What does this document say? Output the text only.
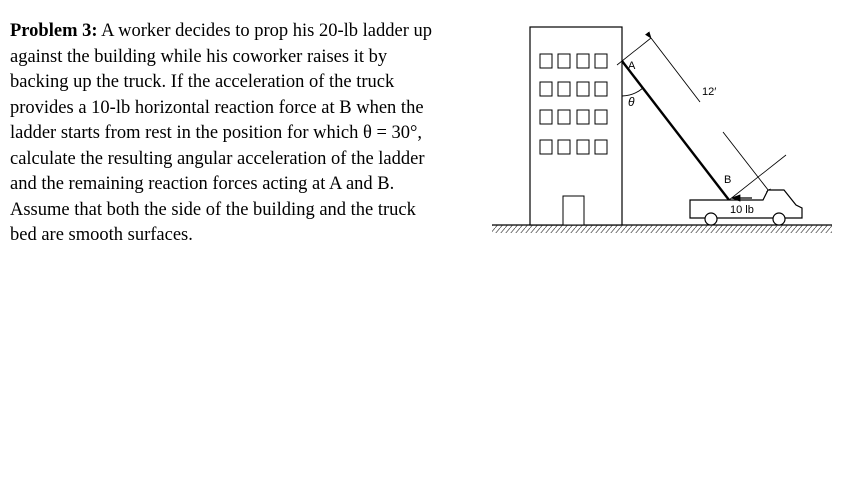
Problem 3: A worker decides to prop his 20-lb ladder up
against the building while his coworker raises it by
backing up the truck. If the acceleration of the truck
provides a 10-lb horizontal reaction force at B when the
ladder starts from rest in the position for which θ = 30°,
calculate the resulting angular acceleration of the ladder
and the remaining reaction forces acting at A and B.
Assume that both the side of the building and the truck
bed are smooth surfaces.
A
B
θ
12′
10 lb
